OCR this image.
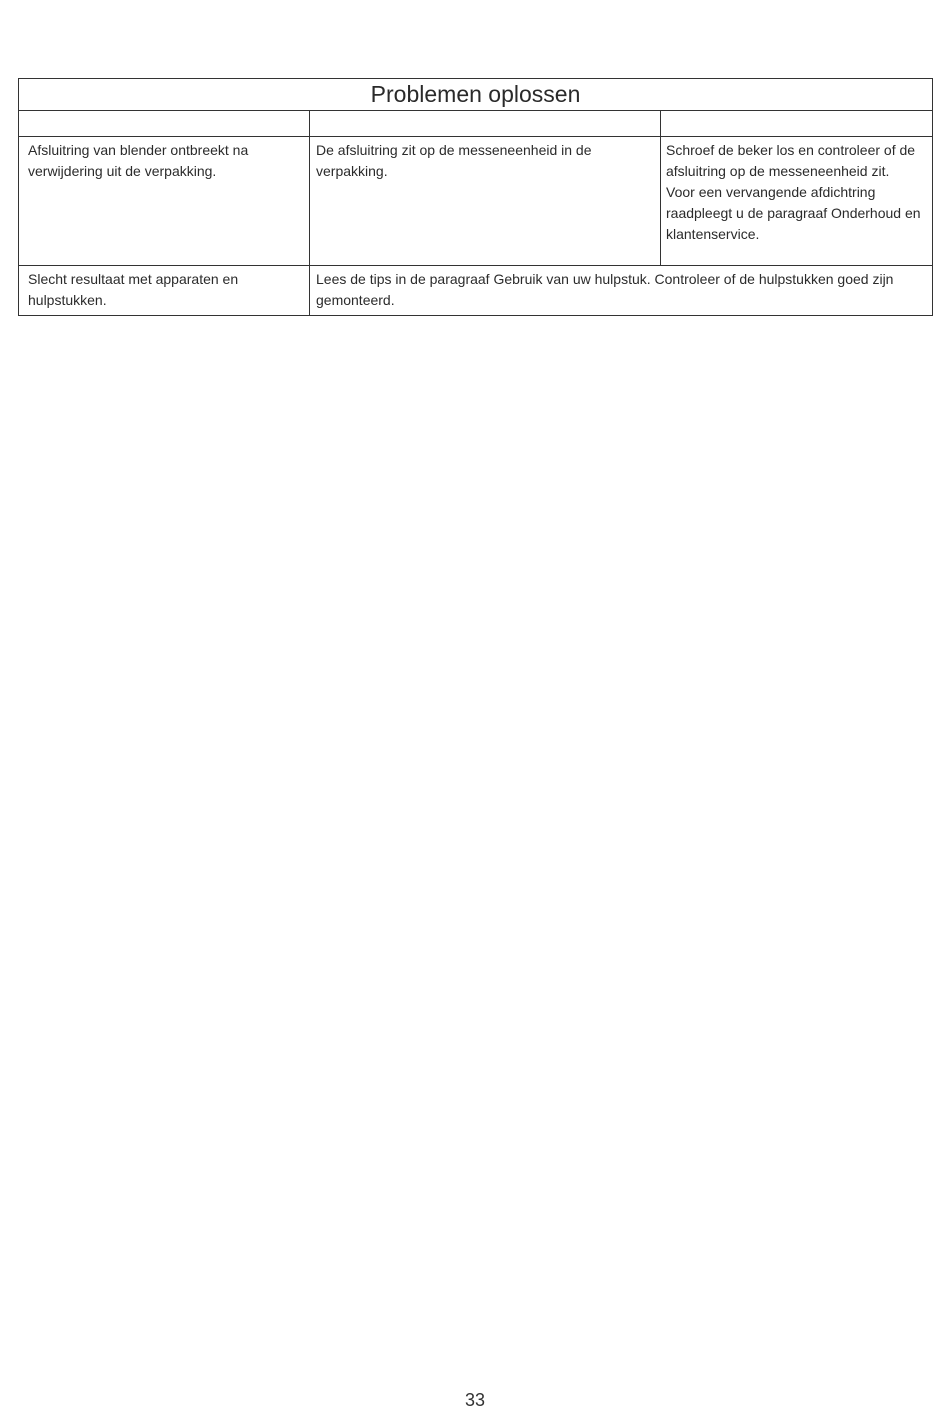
Problemen oplossen		

Afsluitring van blender ontbreekt na verwijdering uit de verpakking.	De afsluitring zit op de messeneenheid in de verpakking.	Schroef de beker los en controleer of de afsluitring op de messeneenheid zit.
Voor een vervangende afdichtring raadpleegt u de paragraaf Onderhoud en klantenservice.

Slecht resultaat met apparaten en hulpstukken.	Lees de tips in de paragraaf Gebruik van uw hulpstuk. Controleer of de hulpstukken goed zijn gemonteerd.	
33
